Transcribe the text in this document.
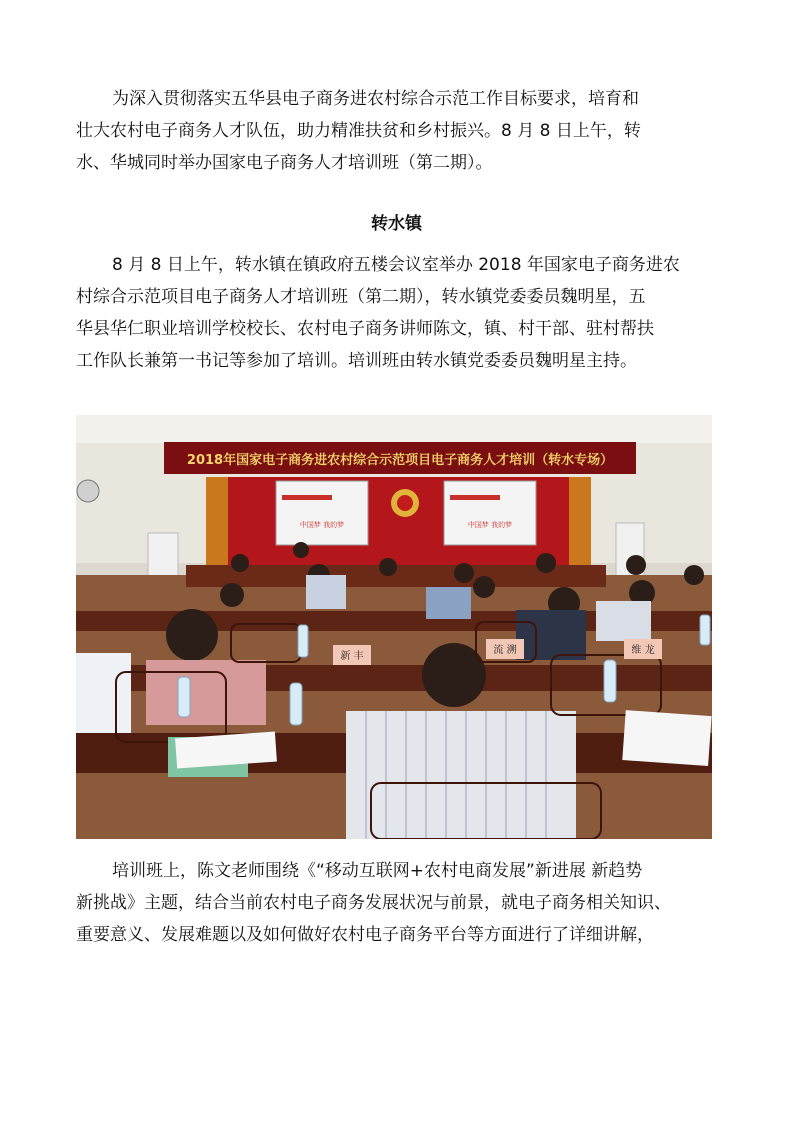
为深入贯彻落实五华县电子商务进农村综合示范工作目标要求，培育和
壮大农村电子商务人才队伍，助力精准扶贫和乡村振兴。8 月 8 日上午，转
水、华城同时举办国家电子商务人才培训班（第二期）。
转水镇
8 月 8 日上午，转水镇在镇政府五楼会议室举办 2018 年国家电子商务进农
村综合示范项目电子商务人才培训班（第二期），转水镇党委委员魏明星，五
华县华仁职业培训学校校长、农村电子商务讲师陈文，镇、村干部、驻村帮扶
工作队长兼第一书记等参加了培训。培训班由转水镇党委委员魏明星主持。
2018年国家电子商务进农村综合示范项目电子商务人才培训（转水专场）
中国梦 我的梦	中国梦 我的梦
新 丰
流 溯	维 龙
培训班上，陈文老师围绕《“移动互联网+农村电商发展”新进展 新趋势
新挑战》主题，结合当前农村电子商务发展状况与前景，就电子商务相关知识、
重要意义、发展难题以及如何做好农村电子商务平台等方面进行了详细讲解，
